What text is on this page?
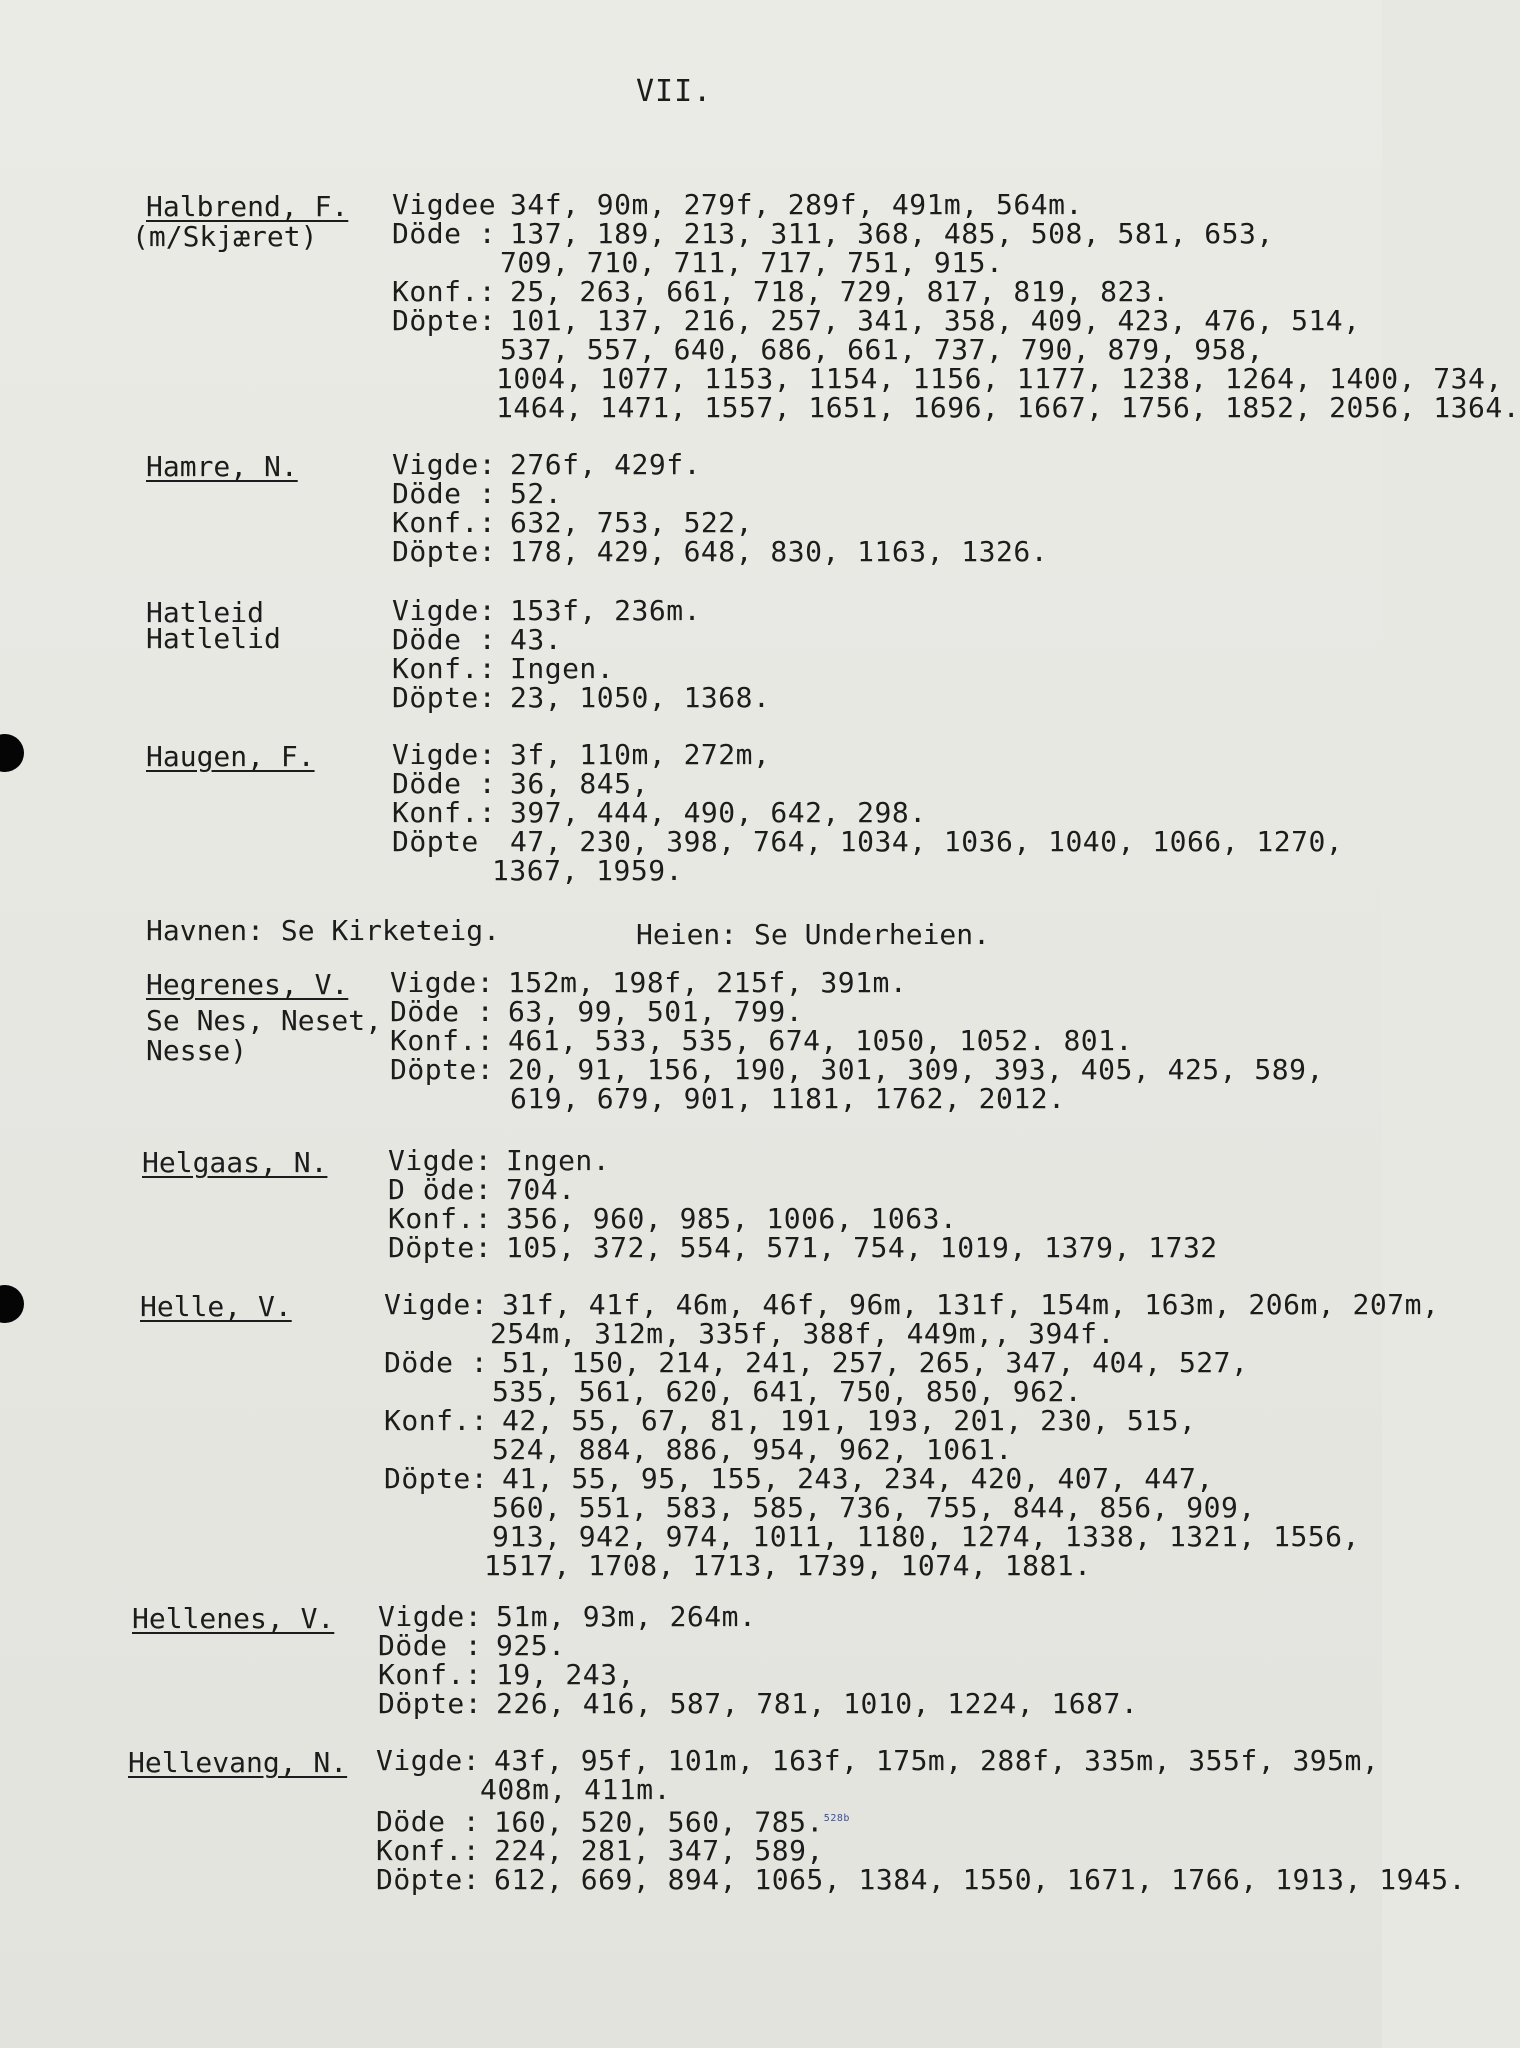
VII.
Halbrend, F.
(m/Skjæret)
Vigdee 34f, 90m, 279f, 289f, 491m, 564m.
Döde : 137, 189, 213, 311, 368, 485, 508, 581, 653,
709, 710, 711, 717, 751, 915.
Konf.: 25, 263, 661, 718, 729, 817, 819, 823.
Döpte: 101, 137, 216, 257, 341, 358, 409, 423, 476, 514,
537, 557, 640, 686, 661, 737, 790, 879, 958,
1004, 1077, 1153, 1154, 1156, 1177, 1238, 1264, 1400, 734,
1464, 1471, 1557, 1651, 1696, 1667, 1756, 1852, 2056, 1364.
Hamre, N.	Vigde: 276f, 429f.
Döde : 52.
Konf.: 632, 753, 522,
Döpte: 178, 429, 648, 830, 1163, 1326.
Hatleid
Hatlelid
Vigde: 153f, 236m.
Döde : 43.
Konf.: Ingen.
Döpte: 23, 1050, 1368.
Haugen, F.	Vigde: 3f, 110m, 272m,
Döde : 36, 845,
Konf.: 397, 444, 490, 642, 298.
Döpte 47, 230, 398, 764, 1034, 1036, 1040, 1066, 1270,
1367, 1959.
Havnen: Se Kirketeig.	Heien: Se Underheien.
Hegrenes, V.
Se Nes, Neset,
Nesse)
Vigde: 152m, 198f, 215f, 391m.
Döde : 63, 99, 501, 799.
Konf.: 461, 533, 535, 674, 1050, 1052. 801.
Döpte: 20, 91, 156, 190, 301, 309, 393, 405, 425, 589,
619, 679, 901, 1181, 1762, 2012.
Helgaas, N. Vigde: Ingen.
D öde: 704.
Konf.: 356, 960, 985, 1006, 1063.
Döpte: 105, 372, 554, 571, 754, 1019, 1379, 1732
Helle, V.	Vigde: 31f, 41f, 46m, 46f, 96m, 131f, 154m, 163m, 206m, 207m,
254m, 312m, 335f, 388f, 449m,, 394f.
Döde : 51, 150, 214, 241, 257, 265, 347, 404, 527,
535, 561, 620, 641, 750, 850, 962.
Konf.: 42, 55, 67, 81, 191, 193, 201, 230, 515,
524, 884, 886, 954, 962, 1061.
Döpte: 41, 55, 95, 155, 243, 234, 420, 407, 447,
560, 551, 583, 585, 736, 755, 844, 856, 909,
913, 942, 974, 1011, 1180, 1274, 1338, 1321, 1556,
1517, 1708, 1713, 1739, 1074, 1881.
Hellenes, V. Vigde: 51m, 93m, 264m.
Döde : 925.
Konf.: 19, 243,
Döpte: 226, 416, 587, 781, 1010, 1224, 1687.
Hellevang, N. Vigde: 43f, 95f, 101m, 163f, 175m, 288f, 335m, 355f, 395m,
408m, 411m.
Döde : 160, 520, 560, 785.$^{528b}$
Konf.: 224, 281, 347, 589,
Döpte: 612, 669, 894, 1065, 1384, 1550, 1671, 1766, 1913, 1945.
